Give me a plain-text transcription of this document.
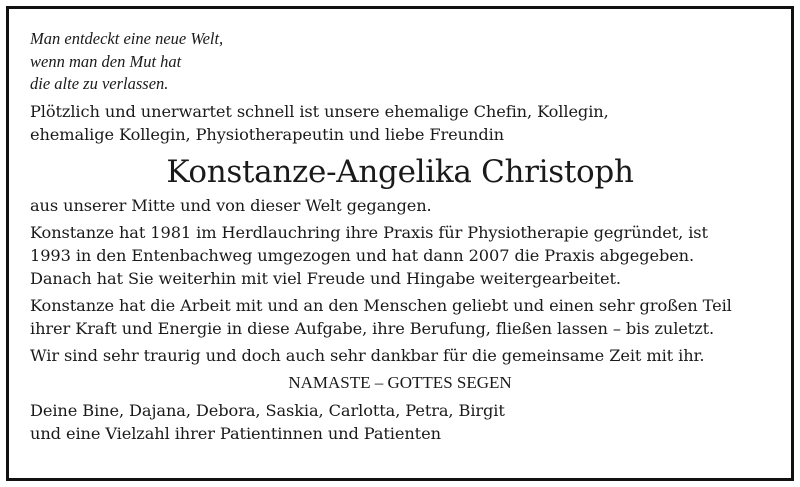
Man entdeckt eine neue Welt,
wenn man den Mut hat
die alte zu verlassen.

Plötzlich und unerwartet schnell ist unsere ehemalige Chefin, Kollegin,
ehemalige Kollegin, Physiotherapeutin und liebe Freundin

Konstanze-Angelika Christoph

aus unserer Mitte und von dieser Welt gegangen.

Konstanze hat 1981 im Herdlauchring ihre Praxis für Physiotherapie gegründet, ist
1993 in den Entenbachweg umgezogen und hat dann 2007 die Praxis abgegeben.
Danach hat Sie weiterhin mit viel Freude und Hingabe weitergearbeitet.

Konstanze hat die Arbeit mit und an den Menschen geliebt und einen sehr großen Teil
ihrer Kraft und Energie in diese Aufgabe, ihre Berufung, fließen lassen – bis zuletzt.

Wir sind sehr traurig und doch auch sehr dankbar für die gemeinsame Zeit mit ihr.

NAMASTE – GOTTES SEGEN

Deine Bine, Dajana, Debora, Saskia, Carlotta, Petra, Birgit
und eine Vielzahl ihrer Patientinnen und Patienten
